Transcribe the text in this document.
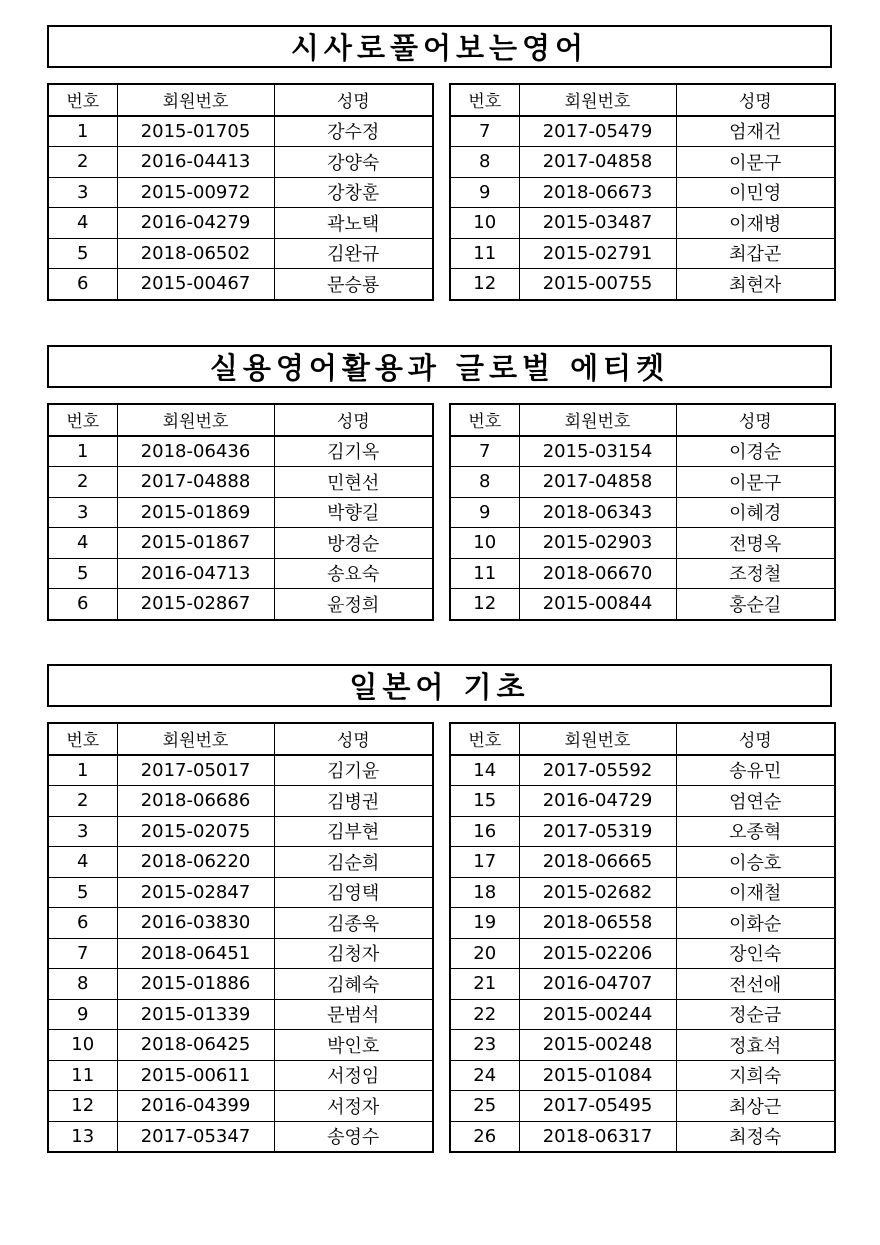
시사로풀어보는영어
번호	회원번호	성명
1	2015-01705	강수정
2	2016-04413	강양숙
3	2015-00972	강창훈
4	2016-04279	곽노택
5	2018-06502	김완규
6	2015-00467	문승룡
번호	회원번호	성명
7	2017-05479	엄재건
8	2017-04858	이문구
9	2018-06673	이민영
10	2015-03487	이재병
11	2015-02791	최갑곤
12	2015-00755	최현자
실용영어활용과 글로벌 에티켓
번호	회원번호	성명
1	2018-06436	김기옥
2	2017-04888	민현선
3	2015-01869	박향길
4	2015-01867	방경순
5	2016-04713	송요숙
6	2015-02867	윤정희
번호	회원번호	성명
7	2015-03154	이경순
8	2017-04858	이문구
9	2018-06343	이혜경
10	2015-02903	전명옥
11	2018-06670	조정철
12	2015-00844	홍순길
일본어 기초
번호	회원번호	성명
1	2017-05017	김기윤
2	2018-06686	김병권
3	2015-02075	김부현
4	2018-06220	김순희
5	2015-02847	김영택
6	2016-03830	김종욱
7	2018-06451	김청자
8	2015-01886	김혜숙
9	2015-01339	문범석
10	2018-06425	박인호
11	2015-00611	서정임
12	2016-04399	서정자
13	2017-05347	송영수
번호	회원번호	성명
14	2017-05592	송유민
15	2016-04729	엄연순
16	2017-05319	오종혁
17	2018-06665	이승호
18	2015-02682	이재철
19	2018-06558	이화순
20	2015-02206	장인숙
21	2016-04707	전선애
22	2015-00244	정순금
23	2015-00248	정효석
24	2015-01084	지희숙
25	2017-05495	최상근
26	2018-06317	최정숙
